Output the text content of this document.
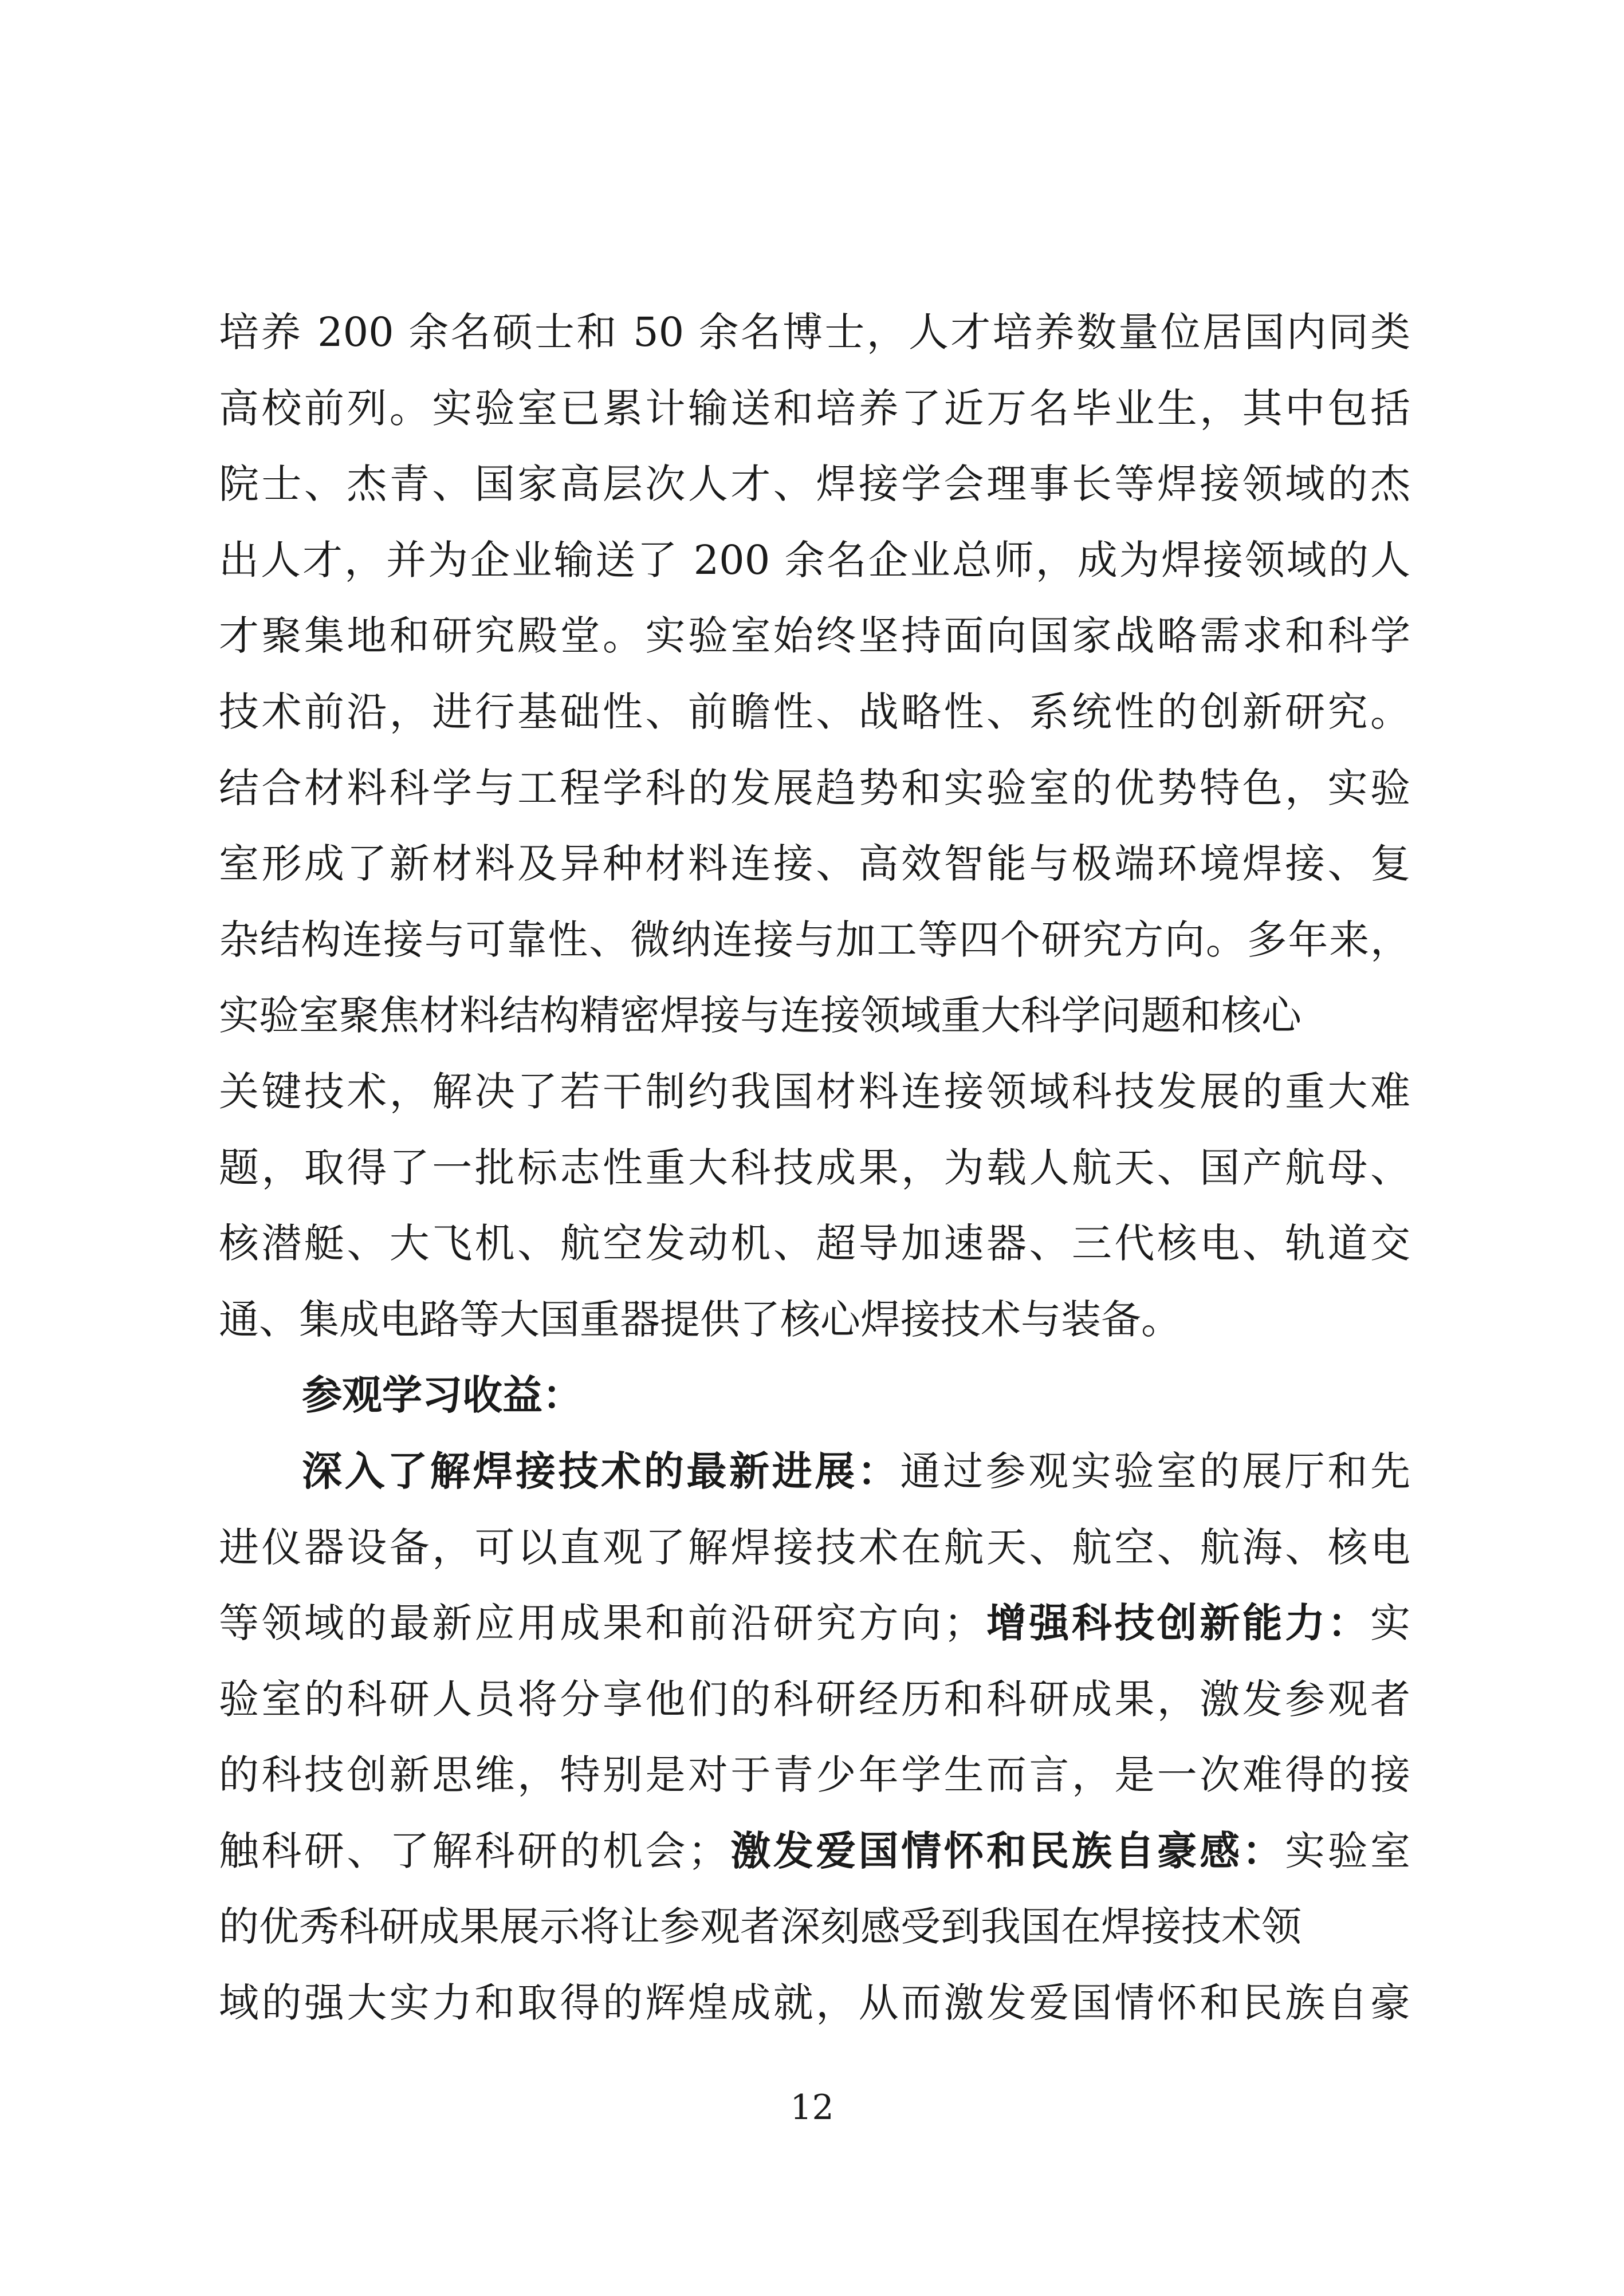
培养 200 余名硕士和 50 余名博士，人才培养数量位居国内同类
高校前列。实验室已累计输送和培养了近万名毕业生，其中包括
院士、杰青、国家高层次人才、焊接学会理事长等焊接领域的杰
出人才，并为企业输送了 200 余名企业总师，成为焊接领域的人
才聚集地和研究殿堂。实验室始终坚持面向国家战略需求和科学
技术前沿，进行基础性、前瞻性、战略性、系统性的创新研究。
结合材料科学与工程学科的发展趋势和实验室的优势特色，实验
室形成了新材料及异种材料连接、高效智能与极端环境焊接、复
杂结构连接与可靠性、微纳连接与加工等四个研究方向。多年来，
实验室聚焦材料结构精密焊接与连接领域重大科学问题和核心
关键技术，解决了若干制约我国材料连接领域科技发展的重大难
题，取得了一批标志性重大科技成果，为载人航天、国产航母、
核潜艇、大飞机、航空发动机、超导加速器、三代核电、轨道交
通、集成电路等大国重器提供了核心焊接技术与装备。
参观学习收益：
深入了解焊接技术的最新进展：通过参观实验室的展厅和先
进仪器设备，可以直观了解焊接技术在航天、航空、航海、核电
等领域的最新应用成果和前沿研究方向；增强科技创新能力：实
验室的科研人员将分享他们的科研经历和科研成果，激发参观者
的科技创新思维，特别是对于青少年学生而言，是一次难得的接
触科研、了解科研的机会；激发爱国情怀和民族自豪感：实验室
的优秀科研成果展示将让参观者深刻感受到我国在焊接技术领
域的强大实力和取得的辉煌成就，从而激发爱国情怀和民族自豪
12
